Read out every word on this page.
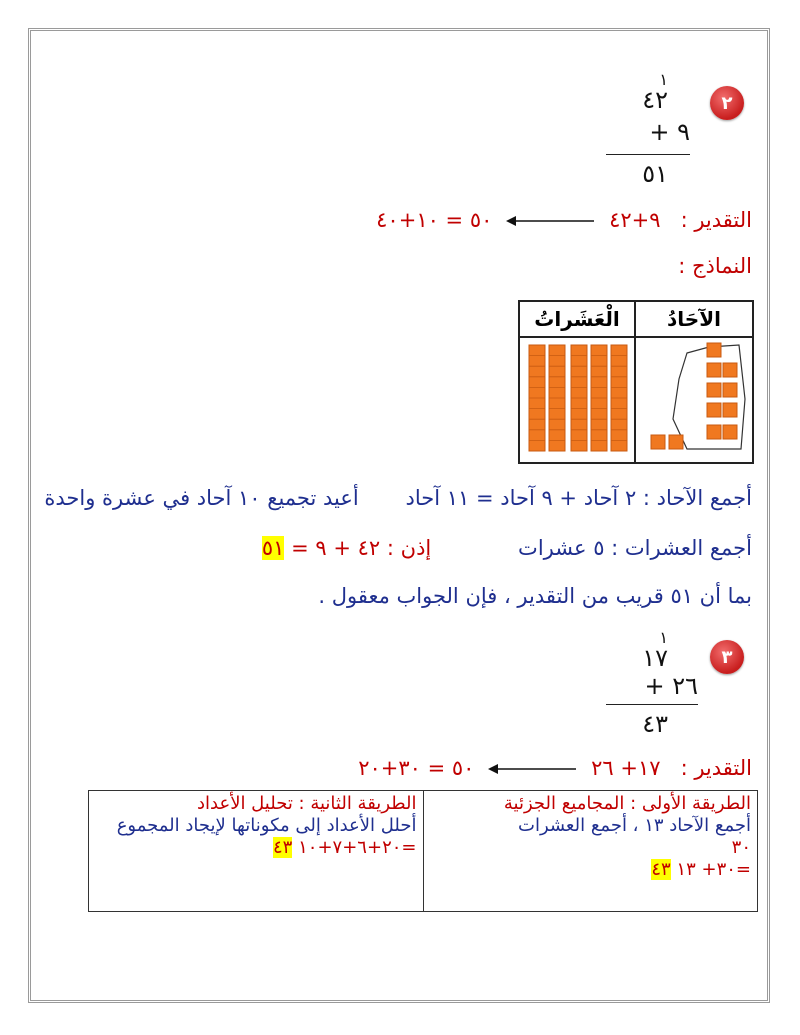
٢
١
٤٢
٩ +
٥١
التقدير :   ٩+٤٢    ٥٠ = ١٠+٤٠
النماذج :
الْعَشَراتُ	الآحَادُ

أجمع الآحاد : ٢ آحاد + ٩ آحاد = ١١ آحاد       أعيد تجميع ١٠ آحاد في عشرة واحدة
أجمع العشرات : ٥ عشرات             إذن : ٤٢ + ٩ = ٥١
بما أن ٥١ قريب من التقدير ، فإن الجواب معقول .
٣
١
١٧
٢٦ +
٤٣
التقدير :   ١٧+ ٢٦    ٥٠ = ٣٠+٢٠
الطريقة الأولى : المجاميع الجزئية
أجمع الآحاد ١٣ ، أجمع العشرات
٣٠
=٣٠+ ١٣ ٤٣
الطريقة الثانية : تحليل الأعداد
أحلل الأعداد إلى مكوناتها لإيجاد المجموع
=٢٠+٦+٧+١٠ ٤٣
